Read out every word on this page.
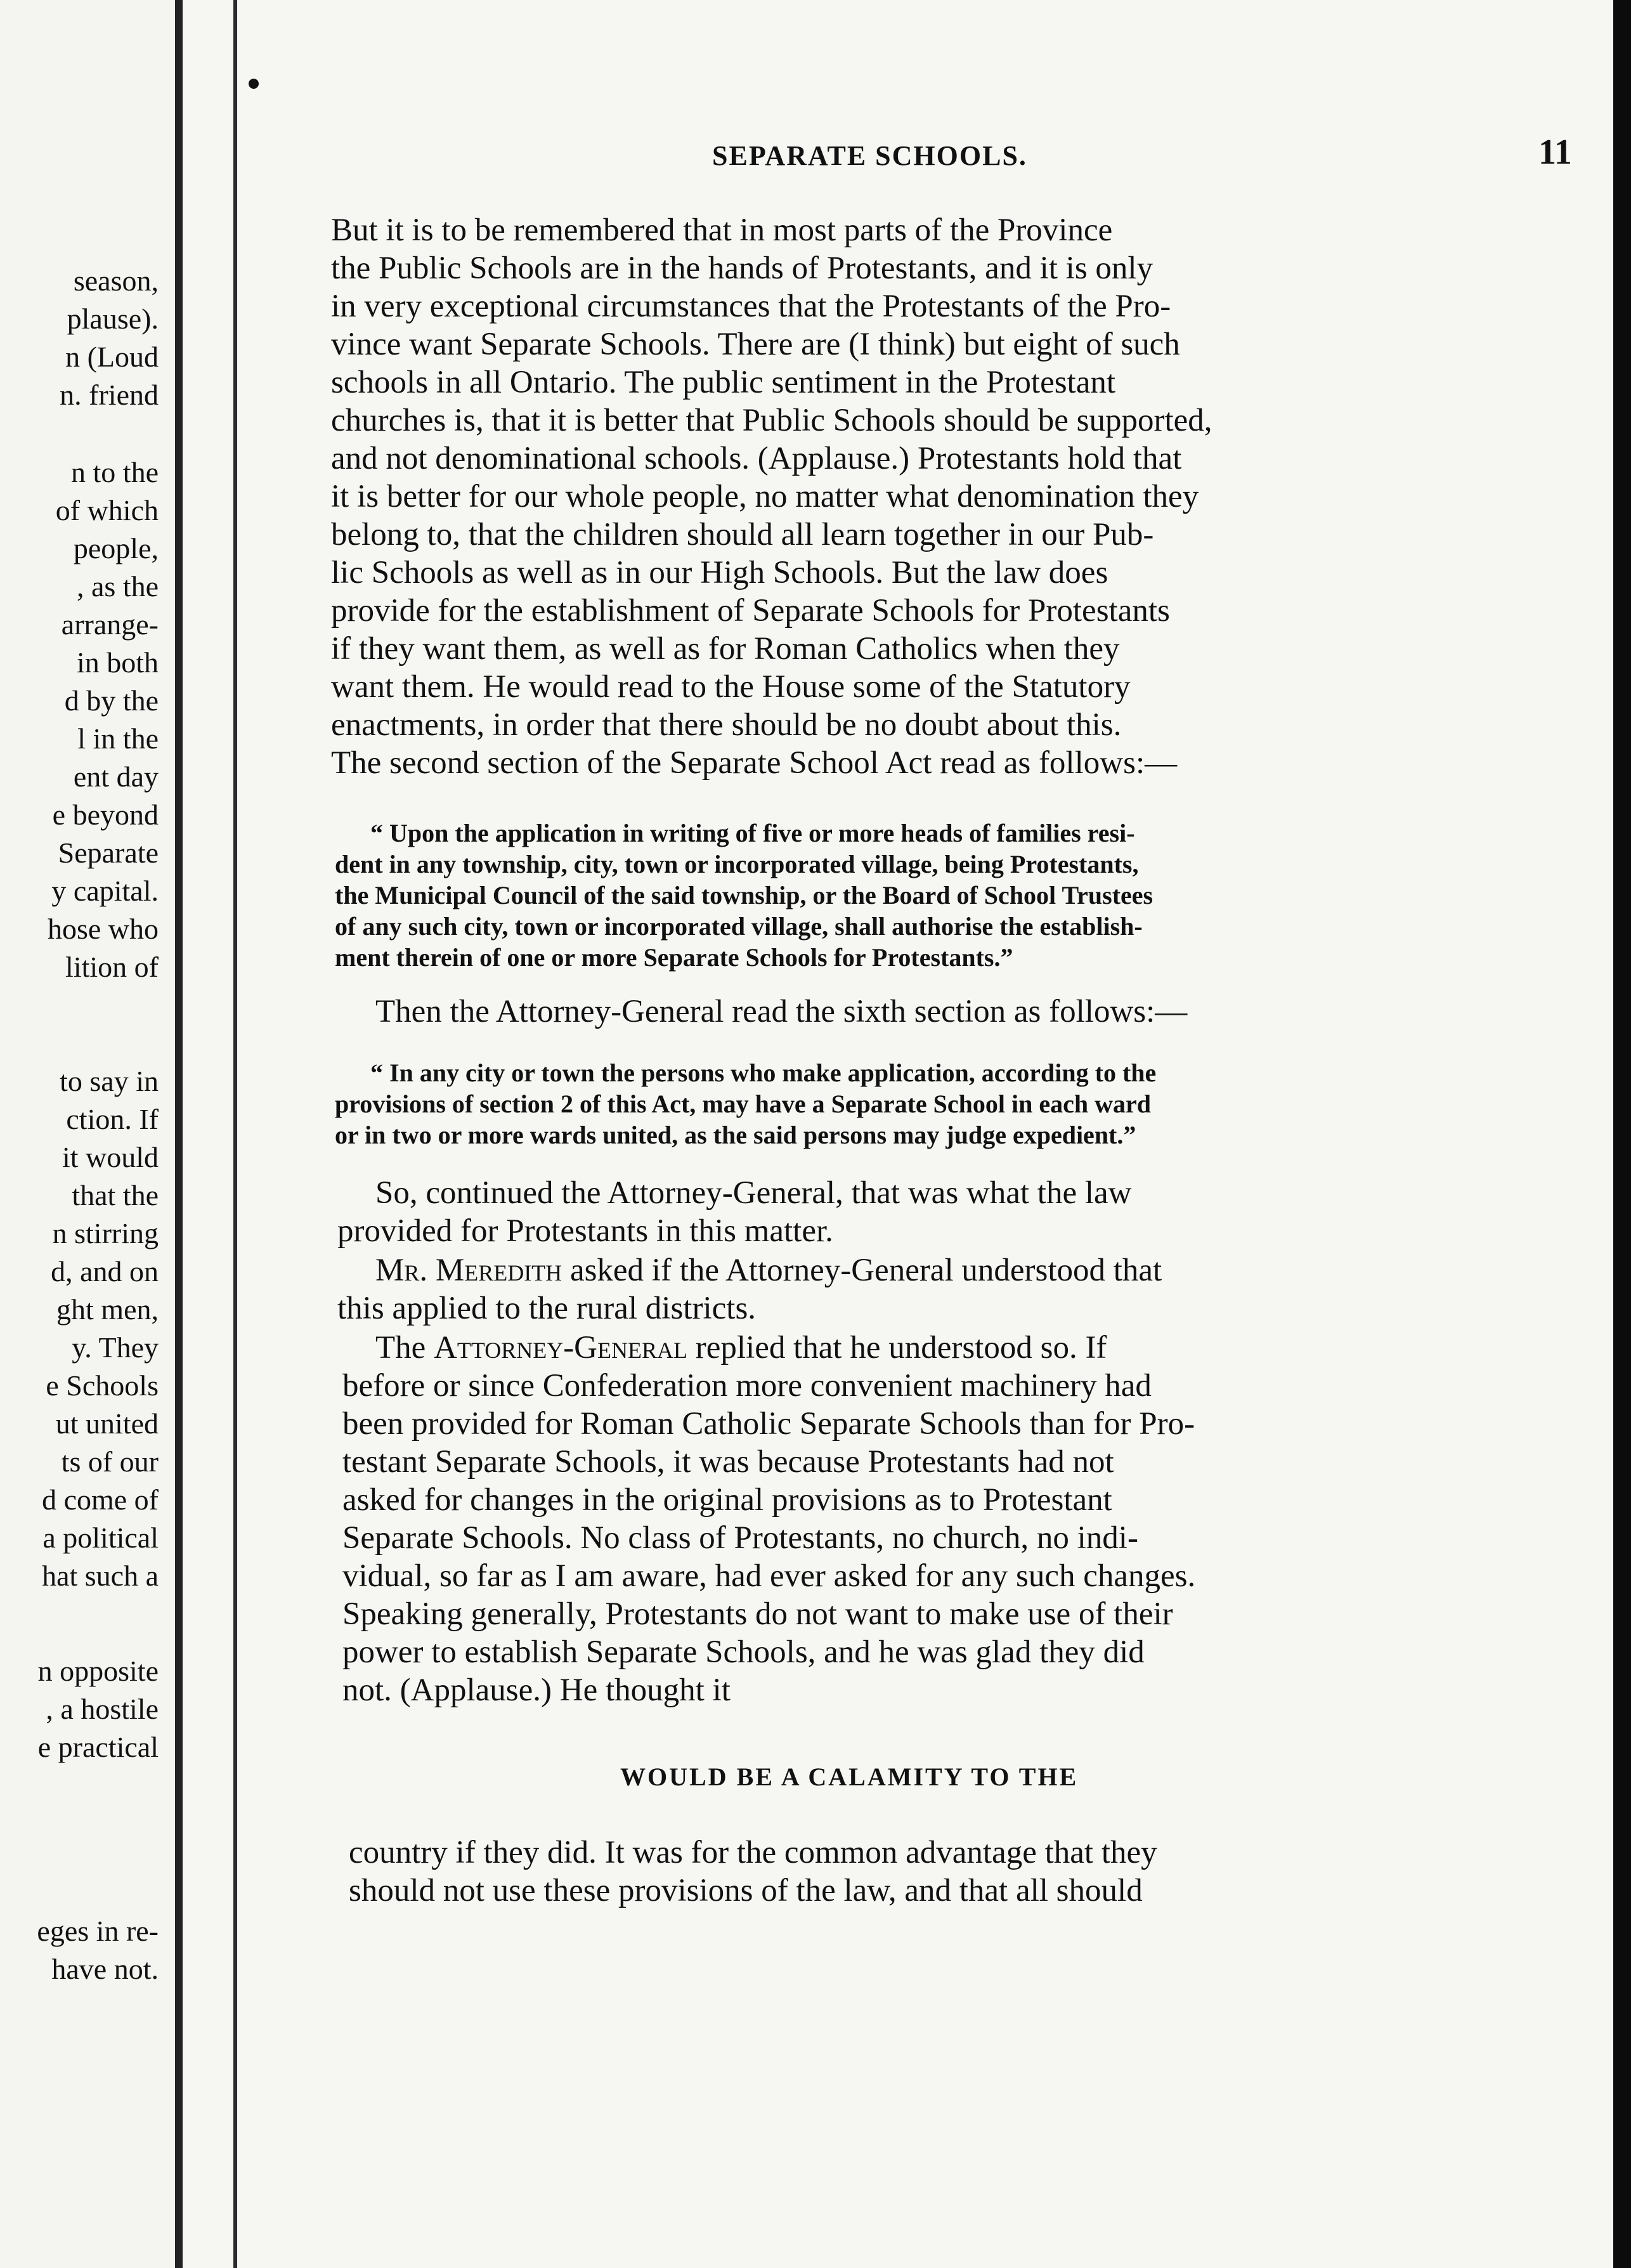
season,
plause).
n (Loud
n. friend
n to the
of which
people,
, as the
arrange-
in both
d by the
l in the
ent day
e beyond
Separate
y capital.
hose who
lition of
to say in
ction. If
it would
that the
n stirring
d, and on
ght men,
y. They
e Schools
ut united
ts of our
d come of
a political
hat such a
n opposite
, a hostile
e practical
eges in re-
have not.
SEPARATE SCHOOLS.	11
But it is to be remembered that in most parts of the Province
the Public Schools are in the hands of Protestants, and it is only
in very exceptional circumstances that the Protestants of the Pro-
vince want Separate Schools. There are (I think) but eight of such
schools in all Ontario. The public sentiment in the Protestant
churches is, that it is better that Public Schools should be supported,
and not denominational schools. (Applause.) Protestants hold that
it is better for our whole people, no matter what denomination they
belong to, that the children should all learn together in our Pub-
lic Schools as well as in our High Schools. But the law does
provide for the establishment of Separate Schools for Protestants
if they want them, as well as for Roman Catholics when they
want them. He would read to the House some of the Statutory
enactments, in order that there should be no doubt about this.
The second section of the Separate School Act read as follows:—
“ Upon the application in writing of five or more heads of families resi-
dent in any township, city, town or incorporated village, being Protestants,
the Municipal Council of the said township, or the Board of School Trustees
of any such city, town or incorporated village, shall authorise the establish-
ment therein of one or more Separate Schools for Protestants.”
Then the Attorney-General read the sixth section as follows:—
“ In any city or town the persons who make application, according to the
provisions of section 2 of this Act, may have a Separate School in each ward
or in two or more wards united, as the said persons may judge expedient.”
So, continued the Attorney-General, that was what the law
provided for Protestants in this matter.
Mr. Meredith asked if the Attorney-General understood that
this applied to the rural districts.
The Attorney-General replied that he understood so. If
before or since Confederation more convenient machinery had
been provided for Roman Catholic Separate Schools than for Pro-
testant Separate Schools, it was because Protestants had not
asked for changes in the original provisions as to Protestant
Separate Schools. No class of Protestants, no church, no indi-
vidual, so far as I am aware, had ever asked for any such changes.
Speaking generally, Protestants do not want to make use of their
power to establish Separate Schools, and he was glad they did
not. (Applause.) He thought it
WOULD BE A CALAMITY TO THE
country if they did. It was for the common advantage that they
should not use these provisions of the law, and that all should
